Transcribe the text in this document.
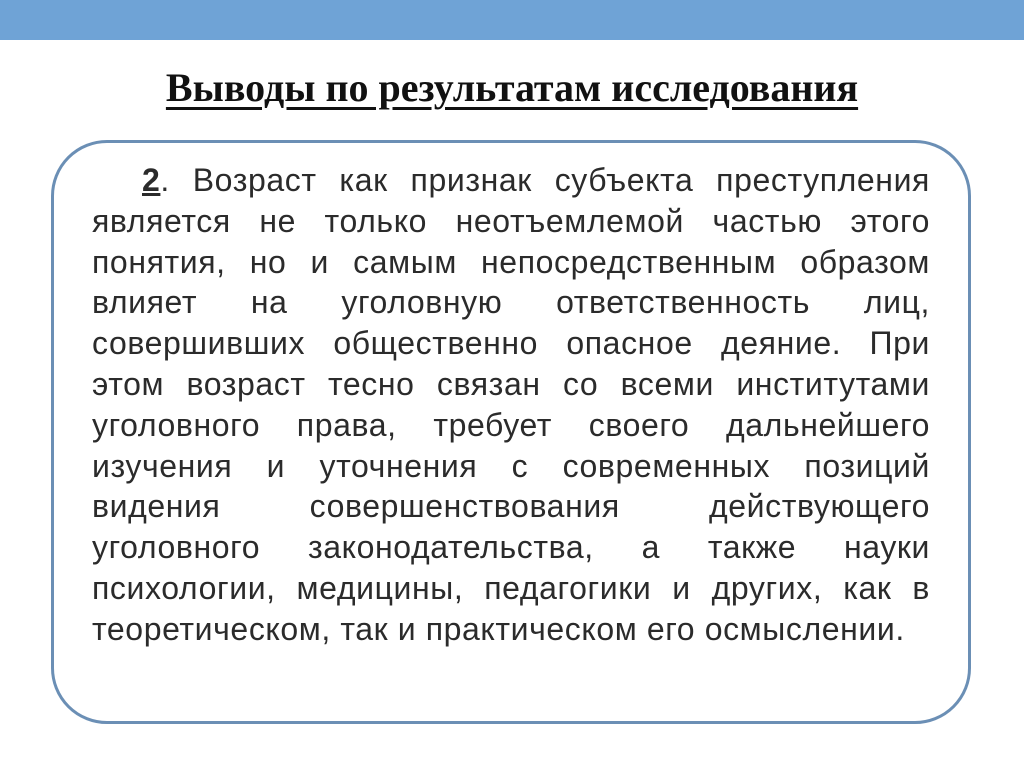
Выводы по результатам исследования

2. Возраст как признак субъекта преступления является не только неотъемлемой частью этого понятия, но и самым непосредственным образом влияет на уголовную ответственность лиц, совершивших общественно опасное деяние. При этом возраст тесно связан со всеми институтами уголовного права, требует своего дальнейшего изучения и уточнения с современных позиций видения совершенствования действующего уголовного законодательства, а также науки психологии, медицины, педагогики и других, как в теоретическом, так и практическом его осмыслении.
